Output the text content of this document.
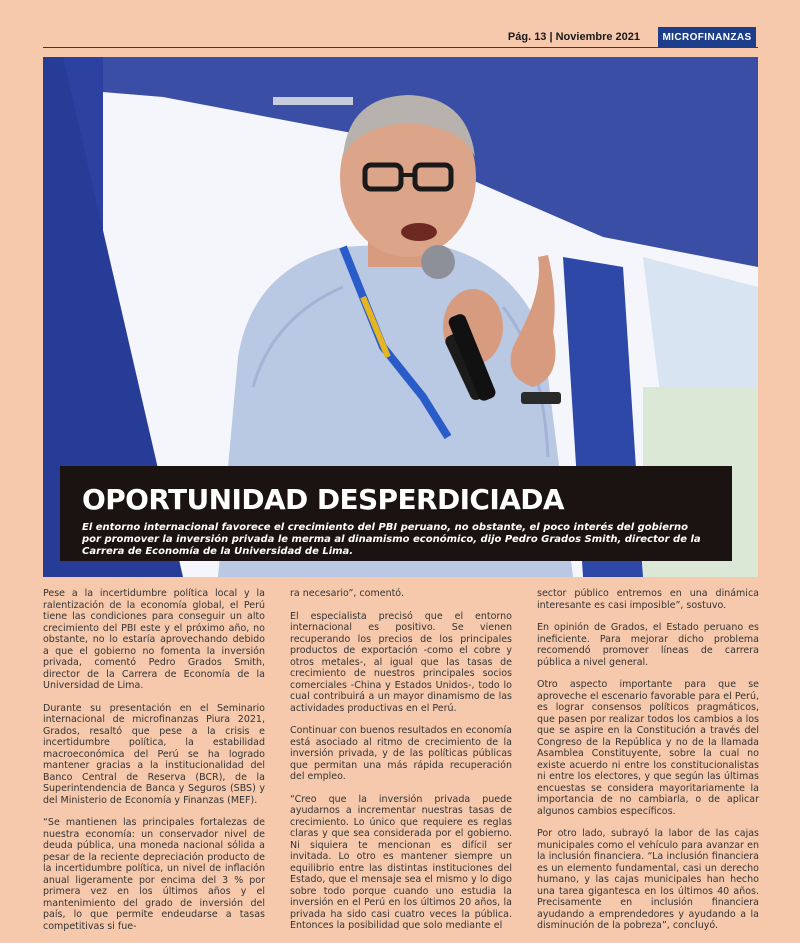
Pág. 13 | Noviembre 2021	MICROFINANZAS
OPORTUNIDAD DESPERDICIADA
El entorno internacional favorece el crecimiento del PBI peruano, no obstante, el poco interés del gobierno por promover la inversión privada le merma al dinamismo económico, dijo Pedro Grados Smith, director de la Carrera de Economía de la Universidad de Lima.

Pese a la incertidumbre política local y la ralentización de la economía global, el Perú tiene las condiciones para conseguir un alto crecimiento del PBI este y el próximo año, no obstante, no lo estaría aprovechando debido a que el gobierno no fomenta la inversión privada, comentó Pedro Grados Smith, director de la Carrera de Economía de la Universidad de Lima.

Durante su presentación en el Seminario internacional de microfinanzas Piura 2021, Grados, resaltó que pese a la crisis e incertidumbre política, la estabilidad macroeconómica del Perú se ha logrado mantener gracias a la institucionalidad del Banco Central de Reserva (BCR), de la Superintendencia de Banca y Seguros (SBS) y del Ministerio de Economía y Finanzas (MEF).

“Se mantienen las principales fortalezas de nuestra economía: un conservador nivel de deuda pública, una moneda nacional sólida a pesar de la reciente depreciación producto de la incertidumbre política, un nivel de inflación anual ligeramente por encima del 3 % por primera vez en los últimos años y el mantenimiento del grado de inversión del país, lo que permite endeudarse a tasas competitivas si fue-

ra necesario”, comentó.

El especialista precisó que el entorno internacional es positivo. Se vienen recuperando los precios de los principales productos de exportación -como el cobre y otros metales-, al igual que las tasas de crecimiento de nuestros principales socios comerciales -China y Estados Unidos-, todo lo cual contribuirá a un mayor dinamismo de las actividades productivas en el Perú.

Continuar con buenos resultados en economía está asociado al ritmo de crecimiento de la inversión privada, y de las políticas públicas que permitan una más rápida recuperación del empleo.

“Creo que la inversión privada puede ayudarnos a incrementar nuestras tasas de crecimiento. Lo único que requiere es reglas claras y que sea considerada por el gobierno. Ni siquiera te mencionan es difícil ser invitada. Lo otro es mantener siempre un equilibrio entre las distintas instituciones del Estado, que el mensaje sea el mismo y lo digo sobre todo porque cuando uno estudia la inversión en el Perú en los últimos 20 años, la privada ha sido casi cuatro veces la pública. Entonces la posibilidad que solo mediante el

sector público entremos en una dinámica interesante es casi imposible”, sostuvo.

En opinión de Grados, el Estado peruano es ineficiente. Para mejorar dicho problema recomendó promover líneas de carrera pública a nivel general.

Otro aspecto importante para que se aproveche el escenario favorable para el Perú, es lograr consensos políticos pragmáticos, que pasen por realizar todos los cambios a los que se aspire en la Constitución a través del Congreso de la República y no de la llamada Asamblea Constituyente, sobre la cual no existe acuerdo ni entre los constitucionalistas ni entre los electores, y que según las últimas encuestas se considera mayoritariamente la importancia de no cambiarla, o de aplicar algunos cambios específicos.

Por otro lado, subrayó la labor de las cajas municipales como el vehículo para avanzar en la inclusión financiera. “La inclusión financiera es un elemento fundamental, casi un derecho humano, y las cajas municipales han hecho una tarea gigantesca en los últimos 40 años. Precisamente en inclusión financiera ayudando a emprendedores y ayudando a la disminución de la pobreza”, concluyó.
